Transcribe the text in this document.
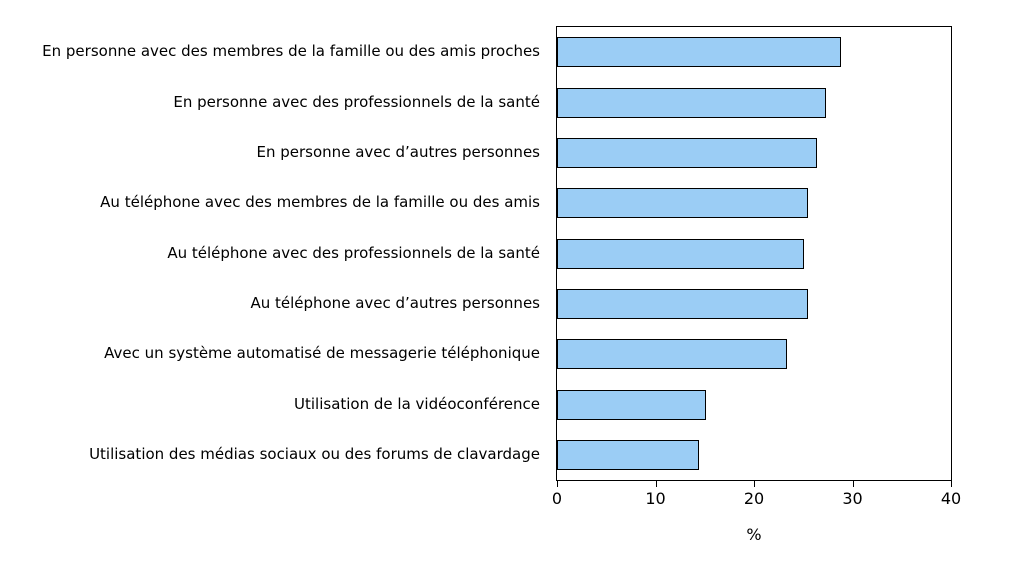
En personne avec des membres de la famille ou des amis proches
En personne avec des professionnels de la santé
En personne avec d’autres personnes
Au téléphone avec des membres de la famille ou des amis
Au téléphone avec des professionnels de la santé
Au téléphone avec d’autres personnes
Avec un système automatisé de messagerie téléphonique
Utilisation de la vidéoconférence
Utilisation des médias sociaux ou des forums de clavardage
0	10	20	30	40
%
